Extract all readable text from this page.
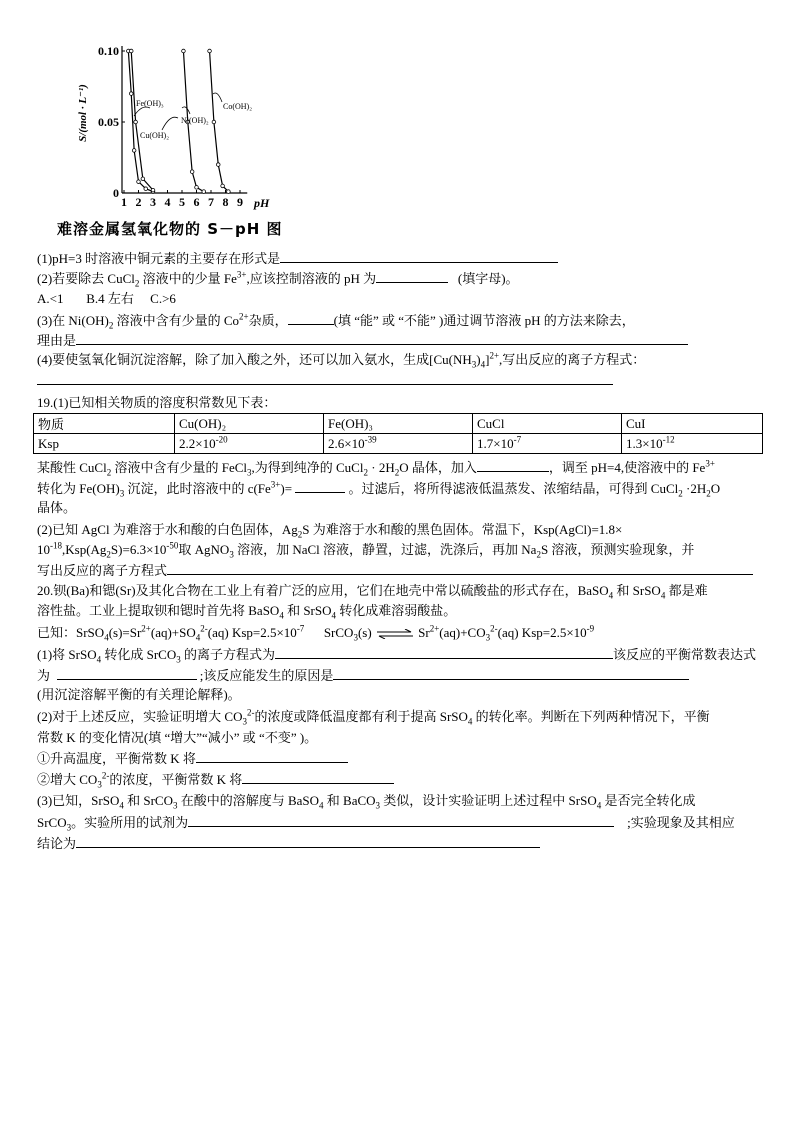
S/(mol · L⁻¹)
1 2 3 4 5 6 7 8 9 pH
0
0.05
0.10
Fe(OH)₃
Cu(OH)₂
Ni(OH)₂
Co(OH)₂
难溶金属氢氧化物的 S－pH 图
(1)pH=3 时溶液中铜元素的主要存在形式是
(2)若要除去 CuCl$_2$ 溶液中的少量 $Fe^{3+}$,应该控制溶液的 pH 为	(填字母)。
A.<1 B.4 左右 C.>6
(3)在 $Ni(OH)_2$ 溶液中含有少量的 $Co^{2+}$杂质，	(填 “能” 或 “不能” )通过调节溶液 pH 的方法来除去，
理由是
(4)要使氢氧化铜沉淀溶解，除了加入酸之外，还可以加入氨水，生成$[Cu(NH_3)_4]^{2+}$,写出反应的离子方程式：
19.(1)已知相关物质的溶度积常数见下表：
物质	Cu(OH)₂	Fe(OH)₃	CuCl	CuI
Ksp	$2.2\times 10^{-20}$	$2.6\times 10^{-39}$	$1.7\times 10^{-7}$	$1.3\times 10^{-12}$
某酸性 CuCl$_2$ 溶液中含有少量的 FeCl$_3$,为得到纯净的 CuCl$_2$ · $2H_2O$ 晶体，加入	，调至 pH=4,使溶液中的 $Fe^{3+}$
转化为 $Fe(OH)_3$ 沉淀，此时溶液中的 $c(Fe^{3+})=$	。过滤后，将所得滤液低温蒸发、浓缩结晶，可得到 CuCl$_2$ $\cdot 2H_2O$
晶体。
(2)已知 AgCl 为难溶于水和酸的白色固体，$Ag_2S$ 为难溶于水和酸的黑色固体。常温下，Ksp(AgCl)=1.8×
$10^{-18},Ksp(Ag_2S)=6.3\times 10^{-50}$取 AgNO$_3$ 溶液，加 NaCl 溶液，静置，过滤，洗涤后，再加 $Na_2S$ 溶液，预测实验现象，并
写出反应的离子方程式
20.钡(Ba)和锶(Sr)及其化合物在工业上有着广泛的应用，它们在地壳中常以硫酸盐的形式存在，BaSO$_4$ 和 SrSO$_4$ 都是难
溶性盐。工业上提取钡和锶时首先将 BaSO$_4$ 和 SrSO$_4$ 转化成难溶弱酸盐。
已知：$SrSO_4(s)=Sr^{2+}(aq)+SO_4^{2-}(aq)$ $Ksp=2.5\times 10^{-7}$ SrCO$_3$(s) ⇌ $Sr^{2+}(aq)+CO_3^{2-}(aq)$ $Ksp=2.5\times 10^{-9}$
(1)将 SrSO$_4$ 转化成 SrCO$_3$ 的离子方程式为	该反应的平衡常数表达式
为	;该反应能发生的原因是
(用沉淀溶解平衡的有关理论解释)。
(2)对于上述反应，实验证明增大 $CO_3^{2-}$的浓度或降低温度都有利于提高 SrSO$_4$ 的转化率。判断在下列两种情况下，平衡
常数 K 的变化情况(填 “增大”“减小” 或 “不变” )。
①升高温度，平衡常数 K 将
②增大 $CO_3^{2-}$的浓度，平衡常数 K 将
(3)已知，SrSO$_4$ 和 SrCO$_3$ 在酸中的溶解度与 BaSO$_4$ 和 BaCO$_3$ 类似，设计实验证明上述过程中 SrSO$_4$ 是否完全转化成
SrCO$_3$。实验所用的试剂为	;实验现象及其相应
结论为
